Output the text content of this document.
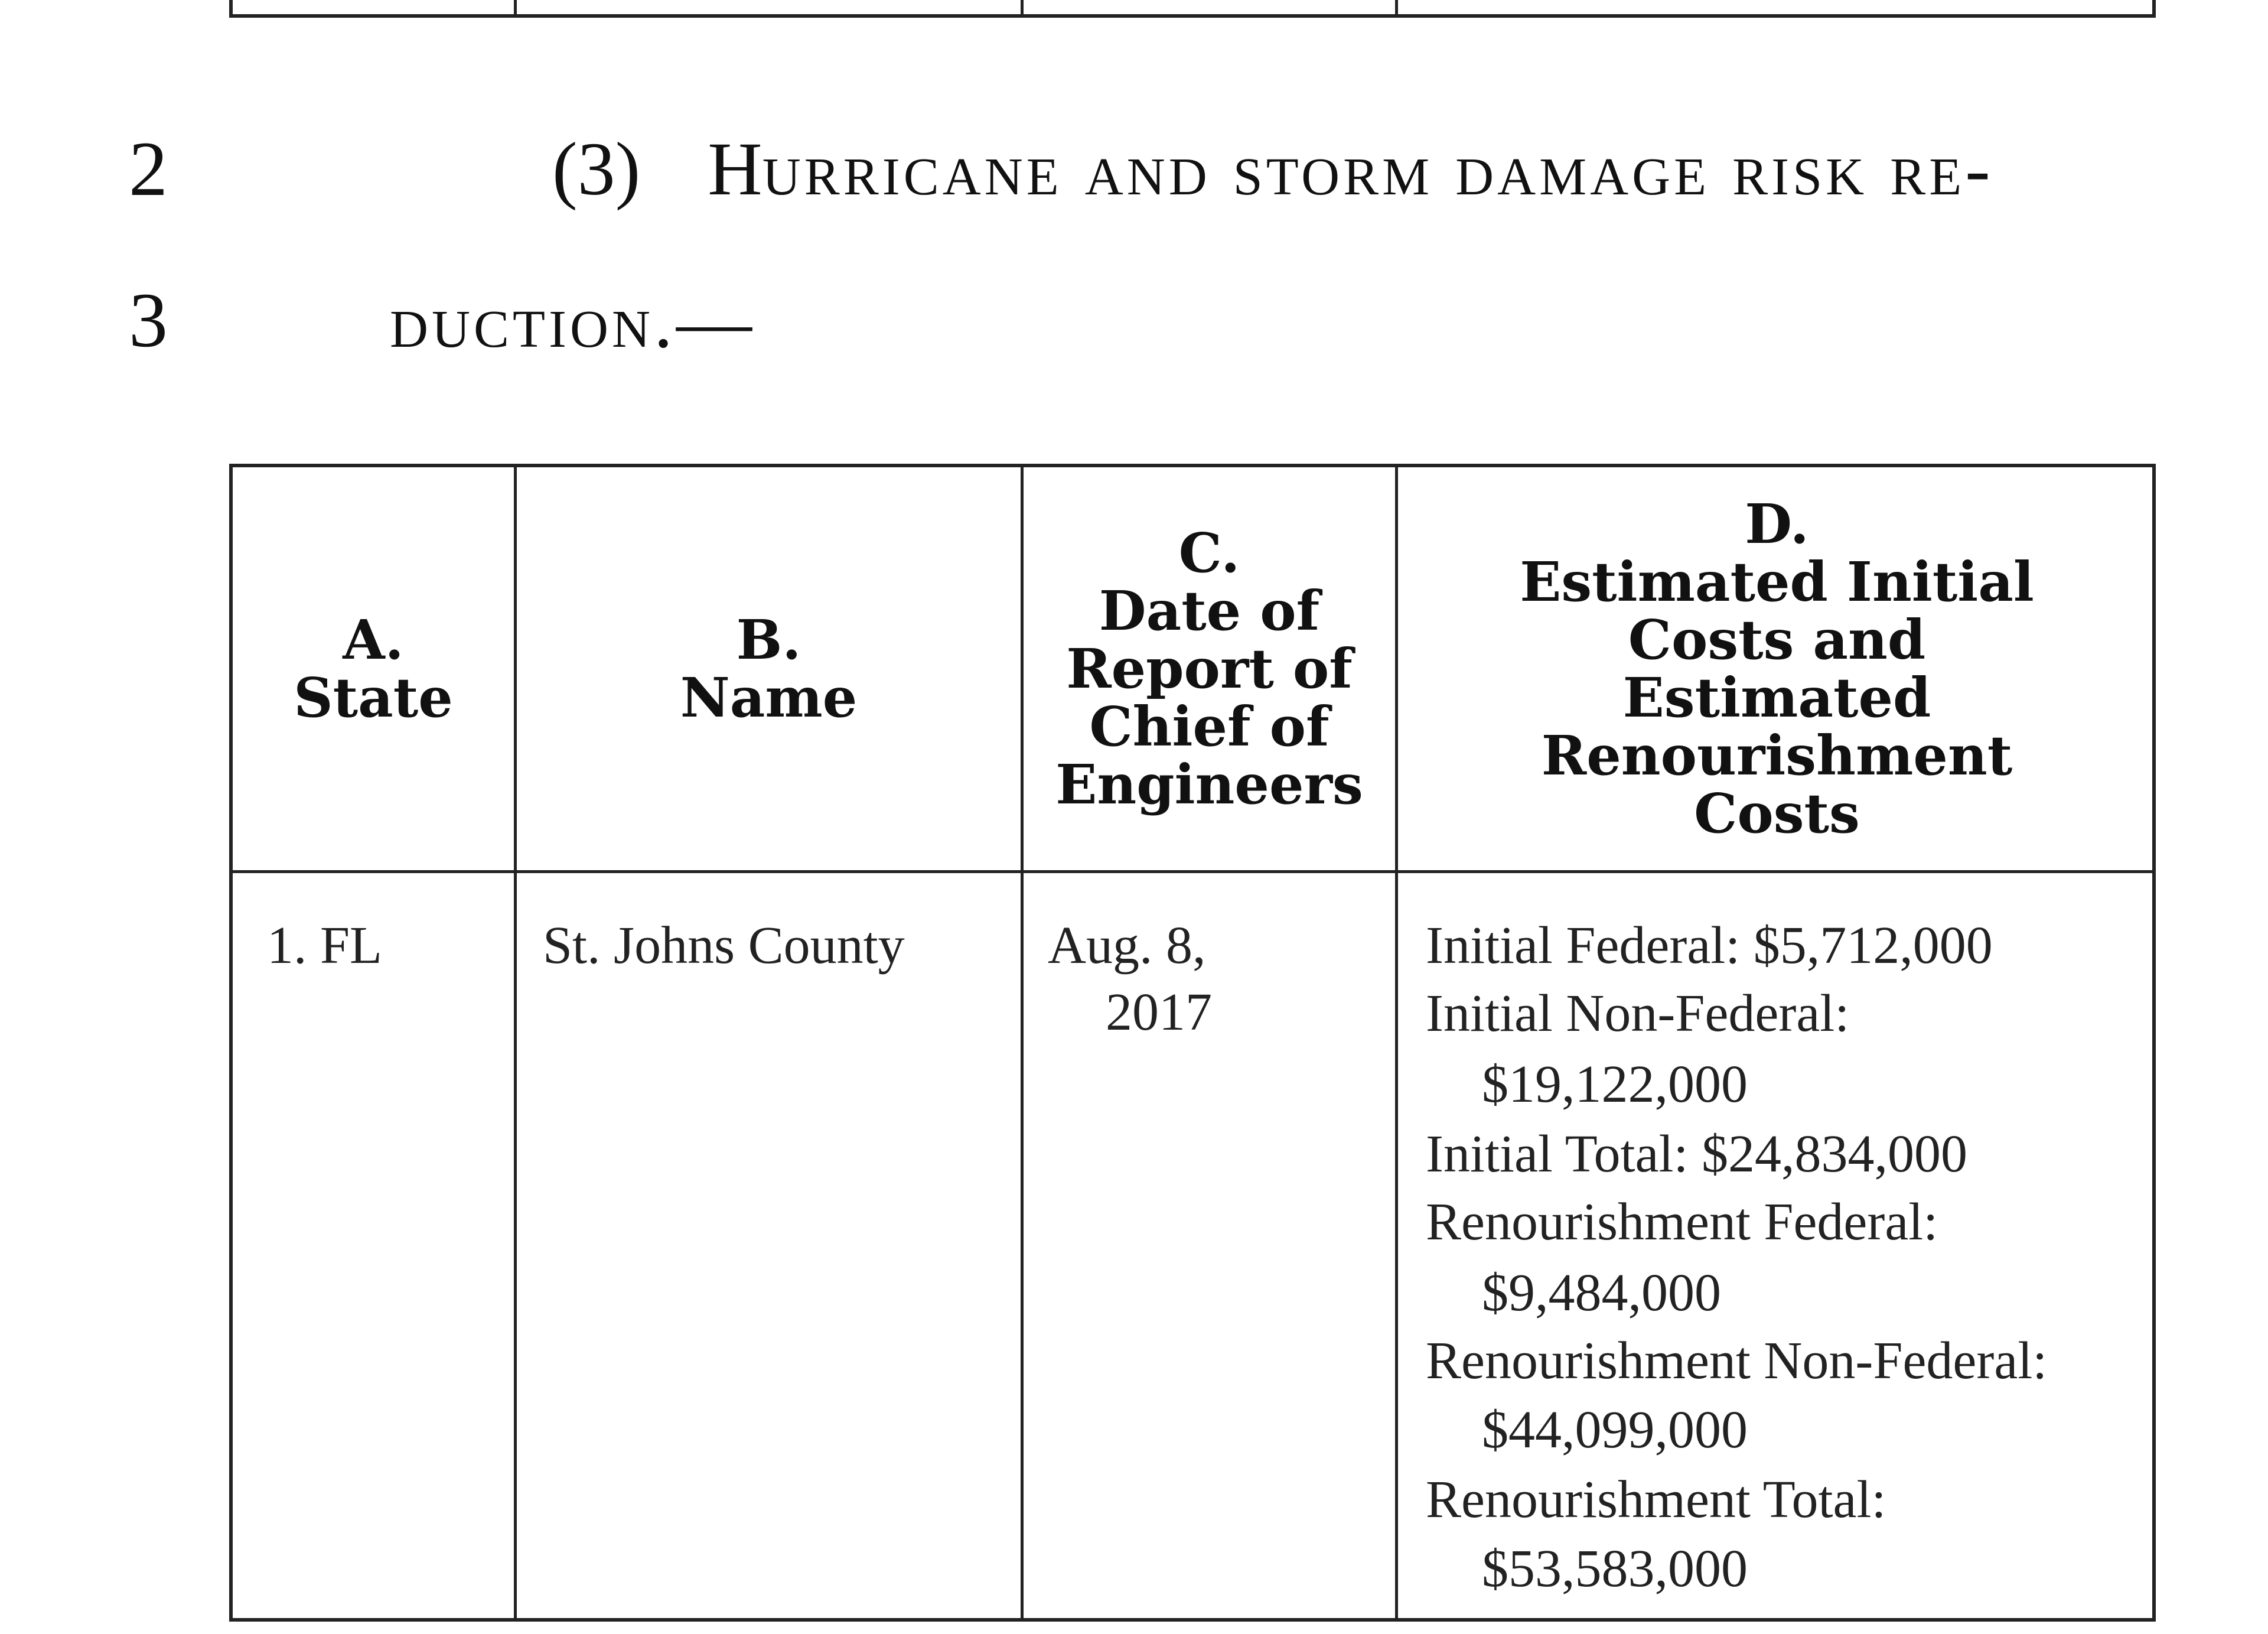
2
3
(3) Hurricane and storm damage risk re-
duction.—
A.
State
B.
Name
C.
Date of
Report of
Chief of
Engineers
D.
Estimated Initial
Costs and
Estimated
Renourishment
Costs
1. FL	St. Johns County	Aug. 8,
2017
Initial Federal: $5,712,000
Initial Non-Federal:
$19,122,000
Initial Total: $24,834,000
Renourishment Federal:
$9,484,000
Renourishment Non-Federal:
$44,099,000
Renourishment Total:
$53,583,000
